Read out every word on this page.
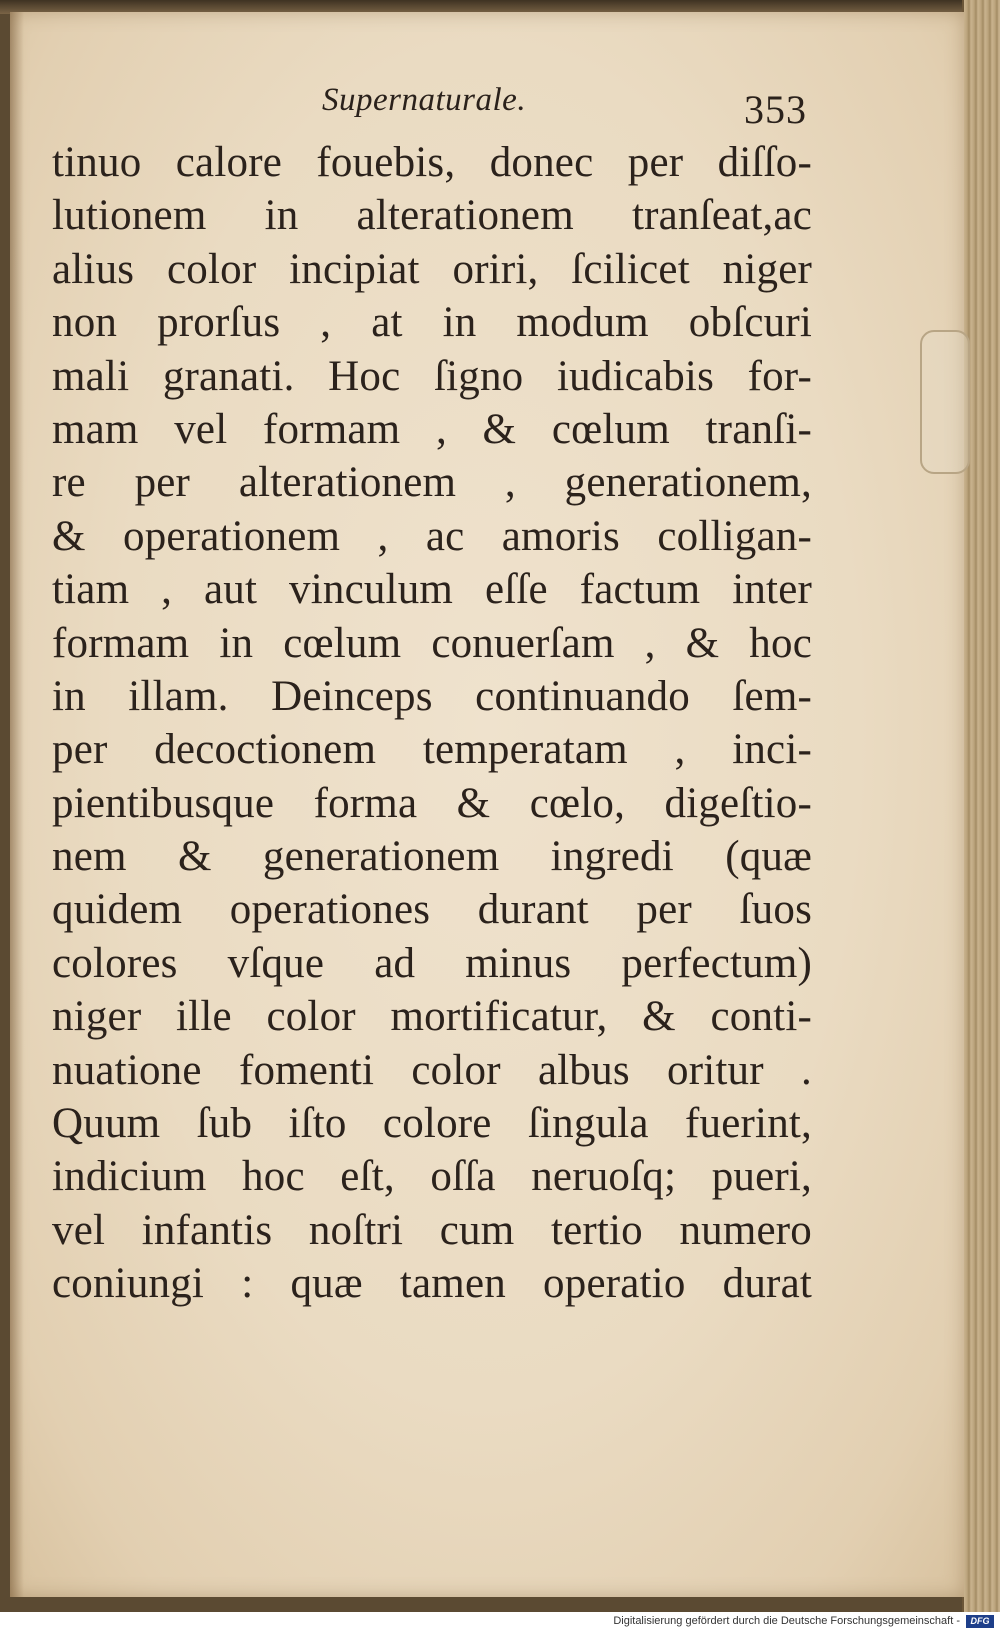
Supernaturale.	353
tinuo calore fouebis, donec per diſſo-
lutionem in alterationem tranſeat,ac
alius color incipiat oriri, ſcilicet niger
non prorſus , at in modum obſcuri
mali granati. Hoc ſigno iudicabis for-
mam vel formam , & cœlum tranſi-
re per alterationem , generationem,
& operationem , ac amoris colligan-
tiam , aut vinculum eſſe factum inter
formam in cœlum conuerſam , & hoc
in illam. Deinceps continuando ſem-
per decoctionem temperatam , inci-
pientibusque forma & cœlo, digeſtio-
nem & generationem ingredi (quæ
quidem operationes durant per ſuos
colores vſque ad minus perfectum)
niger ille color mortificatur, & conti-
nuatione fomenti color albus oritur .
Quum ſub iſto colore ſingula fuerint,
indicium hoc eſt, oſſa neruoſq; pueri,
vel infantis noſtri cum tertio numero
coniungi : quæ tamen operatio durat
Digitalisierung gefördert durch die Deutsche Forschungsgemeinschaft -	DFG
